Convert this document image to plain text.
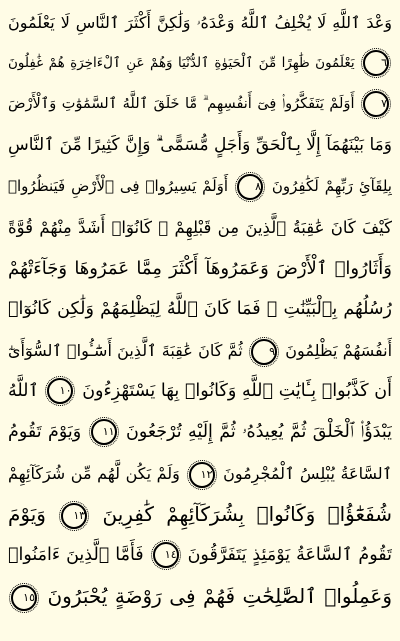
وَعْدَ ٱللَّهِ لَا يُخْلِفُ ٱللَّهُ وَعْدَهُۥ وَلَٰكِنَّ أَكْثَرَ ٱلنَّاسِ لَا يَعْلَمُونَ
٦ يَعْلَمُونَ ظَٰهِرًا مِّنَ ٱلْحَيَوٰةِ ٱلدُّنْيَا وَهُمْ عَنِ ٱلْءَاخِرَةِ هُمْ غَٰفِلُونَ
٧ أَوَلَمْ يَتَفَكَّرُوا۟ فِىٓ أَنفُسِهِم ۗ مَّا خَلَقَ ٱللَّهُ ٱلسَّمَٰوَٰتِ وَٱلْأَرْضَ
وَمَا بَيْنَهُمَآ إِلَّا بِٱلْحَقِّ وَأَجَلٍ مُّسَمًّى ۗ وَإِنَّ كَثِيرًا مِّنَ ٱلنَّاسِ
بِلِقَآئِ رَبِّهِمْ لَكَٰفِرُونَ ٨ أَوَلَمْ يَسِيرُوا۟ فِى ٱلْأَرْضِ فَيَنظُرُوا۟
كَيْفَ كَانَ عَٰقِبَةُ ٱلَّذِينَ مِن قَبْلِهِمْ ۚ كَانُوٓا۟ أَشَدَّ مِنْهُمْ قُوَّةً
وَأَثَارُوا۟ ٱلْأَرْضَ وَعَمَرُوهَآ أَكْثَرَ مِمَّا عَمَرُوهَا وَجَآءَتْهُمْ
رُسُلُهُم بِٱلْبَيِّنَٰتِ ۖ فَمَا كَانَ ٱللَّهُ لِيَظْلِمَهُمْ وَلَٰكِن كَانُوٓا۟
أَنفُسَهُمْ يَظْلِمُونَ ٩ ثُمَّ كَانَ عَٰقِبَةَ ٱلَّذِينَ أَسَٰٓـُٔوا۟ ٱلسُّوٓأَىٰٓ
أَن كَذَّبُوا۟ بِـَٔايَٰتِ ٱللَّهِ وَكَانُوا۟ بِهَا يَسْتَهْزِءُونَ ١٠ ٱللَّهُ
يَبْدَؤُا۟ ٱلْخَلْقَ ثُمَّ يُعِيدُهُۥ ثُمَّ إِلَيْهِ تُرْجَعُونَ ١١ وَيَوْمَ تَقُومُ
ٱلسَّاعَةُ يُبْلِسُ ٱلْمُجْرِمُونَ ١٢ وَلَمْ يَكُن لَّهُم مِّن شُرَكَآئِهِمْ
شُفَعَٰٓؤُا۟ وَكَانُوا۟ بِشُرَكَآئِهِمْ كَٰفِرِينَ ١٣ وَيَوْمَ
تَقُومُ ٱلسَّاعَةُ يَوْمَئِذٍ يَتَفَرَّقُونَ ١٤ فَأَمَّا ٱلَّذِينَ ءَامَنُوا۟
وَعَمِلُوا۟ ٱلصَّٰلِحَٰتِ فَهُمْ فِى رَوْضَةٍ يُحْبَرُونَ ١٥
